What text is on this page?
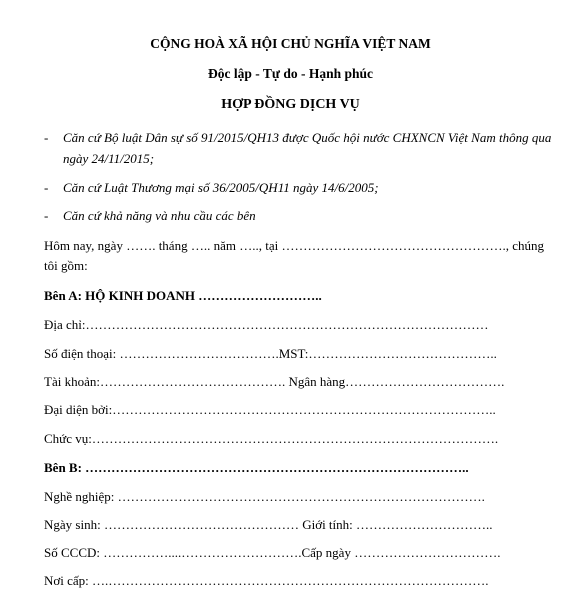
CỘNG HOÀ XÃ HỘI CHỦ NGHĨA VIỆT NAM
Độc lập - Tự do - Hạnh phúc
HỢP ĐỒNG DỊCH VỤ
- Căn cứ Bộ luật Dân sự số 91/2015/QH13 được Quốc hội nước CHXNCN Việt Nam thông qua
ngày 24/11/2015;
- Căn cứ Luật Thương mại số 36/2005/QH11 ngày 14/6/2005;
- Căn cứ khả năng và nhu cầu các bên
Hôm nay, ngày ……. tháng ….. năm ….., tại ……………………………………………., chúng
tôi gồm:
Bên A: HỘ KINH DOANH ………………………..
Địa chỉ:…………………………………………………………………………………
Số điện thoại: ……………………………….MST:……………………………………..
Tài khoản:……………………………………. Ngân hàng……………………………….
Đại diện bởi:……………………………………………………………………………..
Chức vụ:………………………………………………………………………………….
Bên B: ……………………………………………………………………………..
Nghề nghiệp: ………………………………………………………………………….
Ngày sinh: ……………………………………… Giới tính: …………………………..
Số CCCD: ……………....……………………….Cấp ngày …………………………….
Nơi cấp: ….…………………………………………………………………………….
